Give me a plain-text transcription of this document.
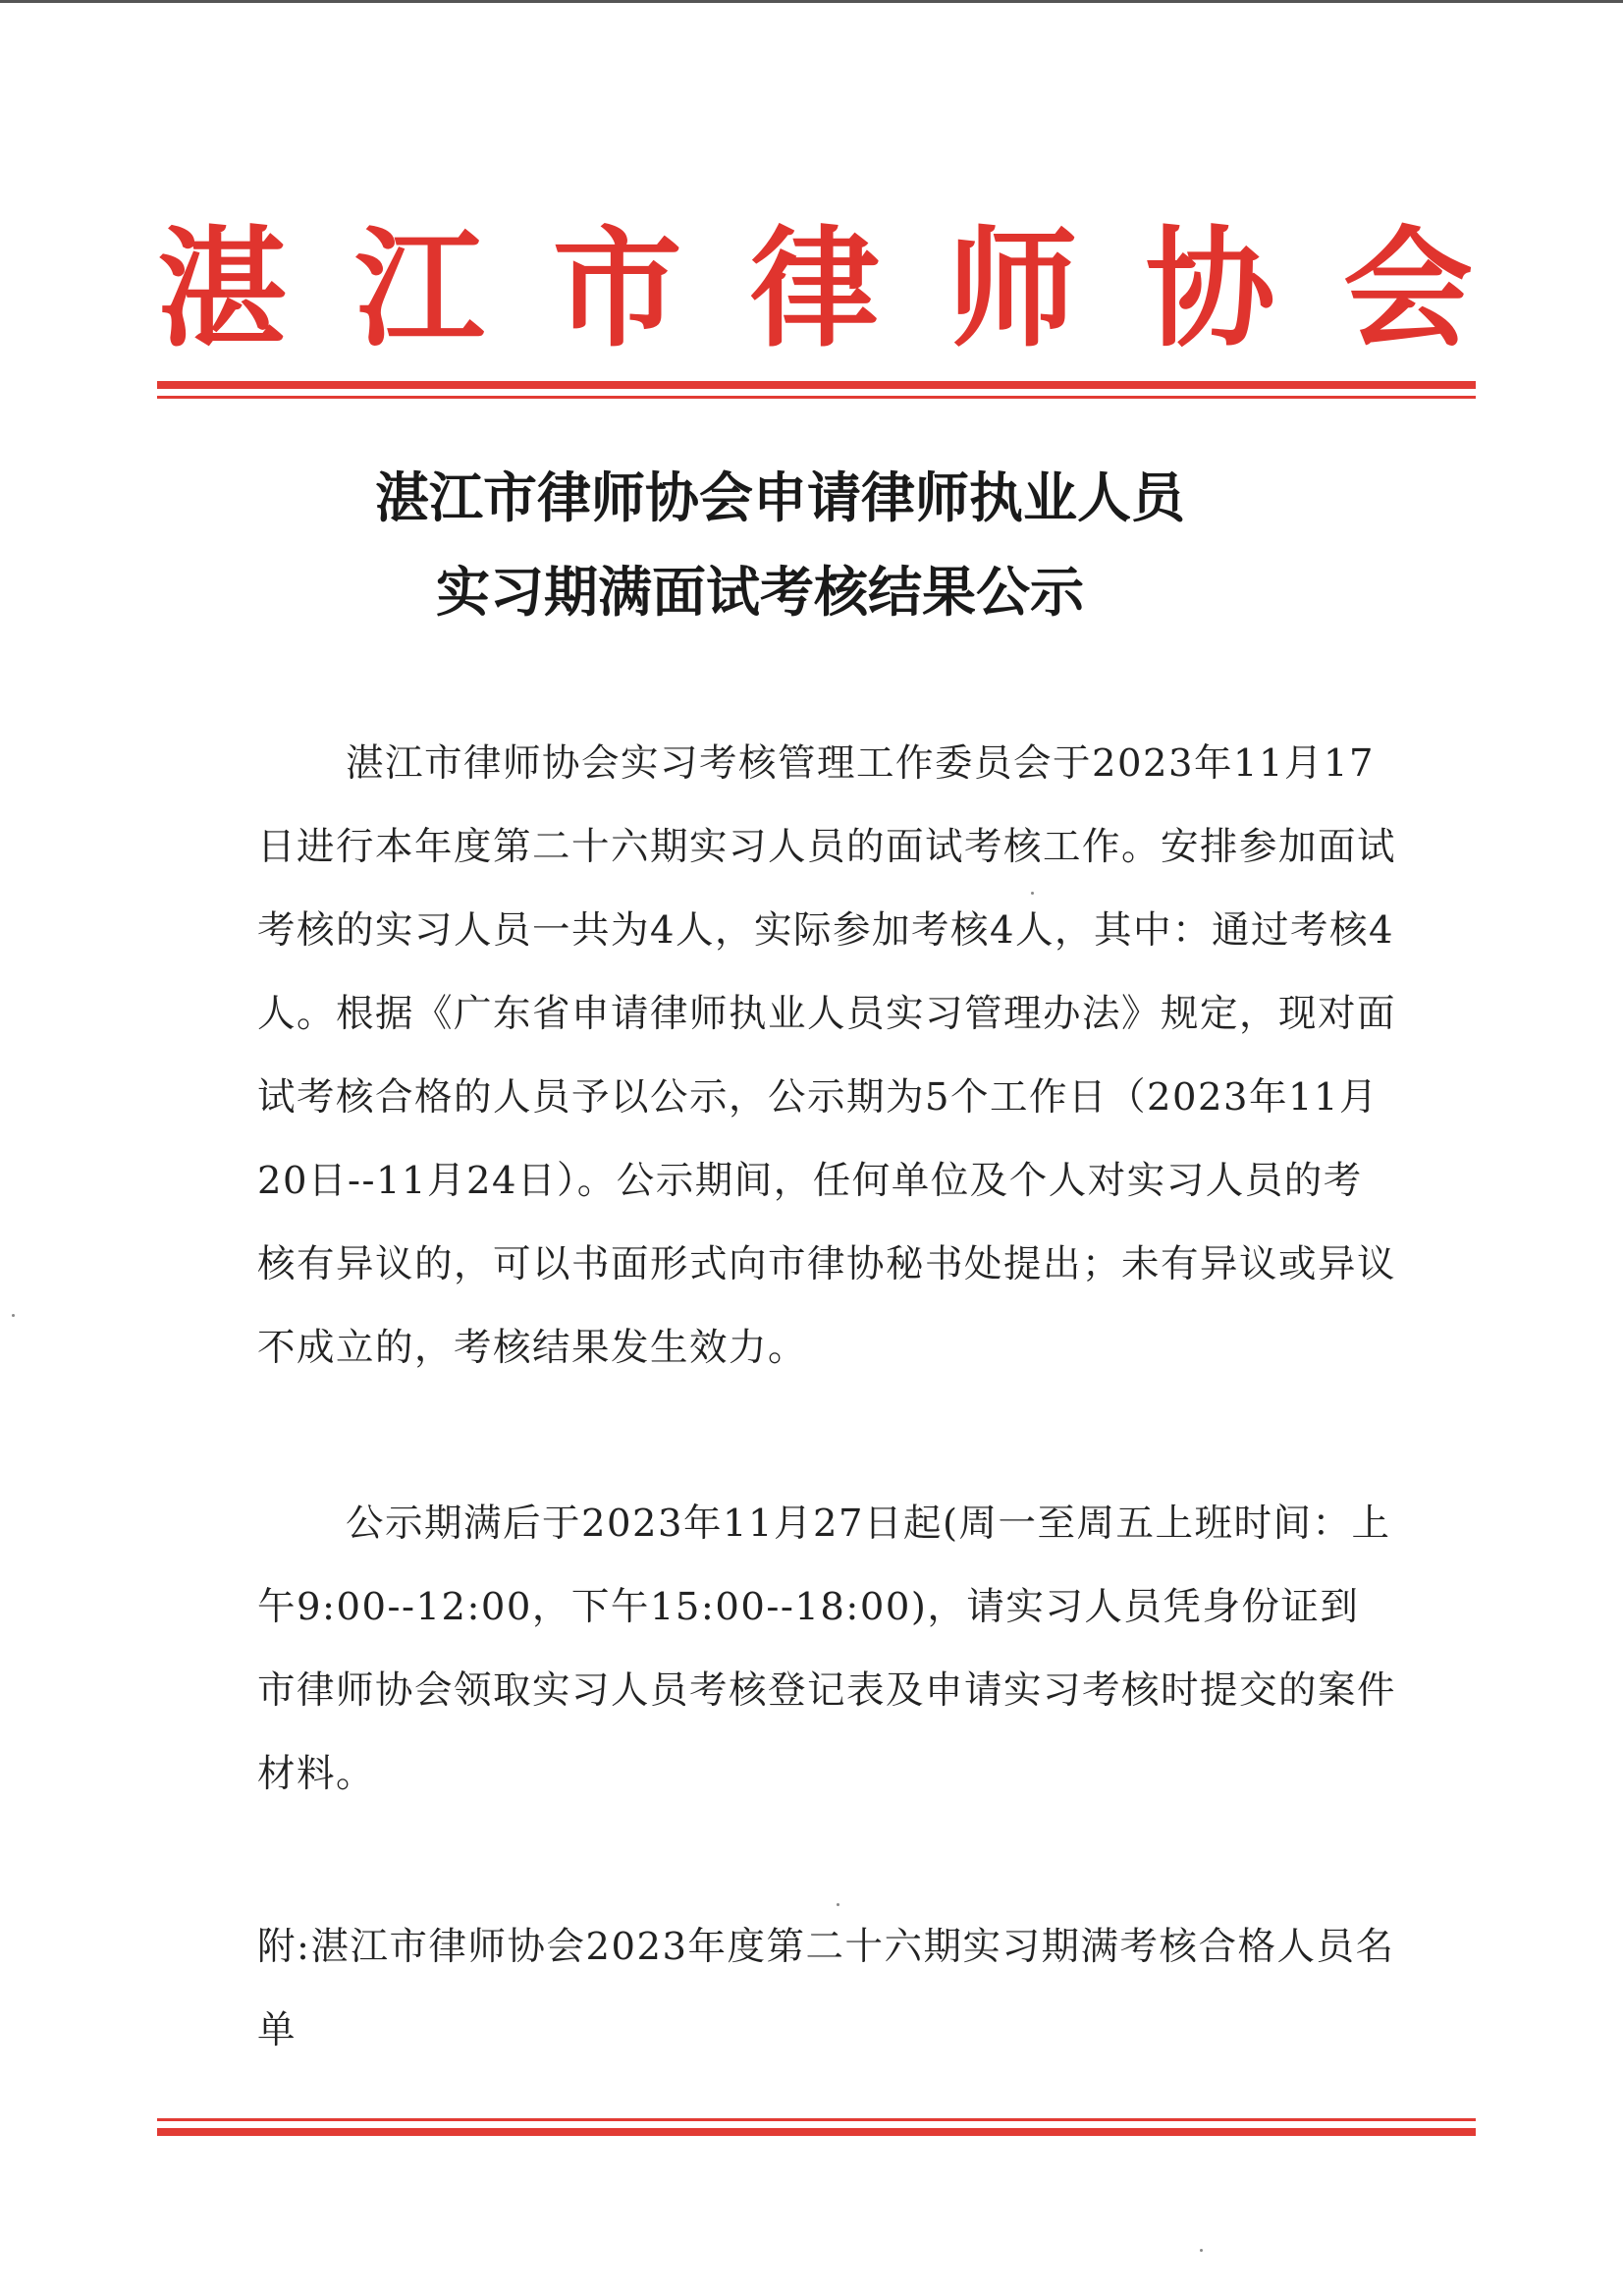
湛 江 市 律 师 协 会
湛江市律师协会申请律师执业人员
实习期满面试考核结果公示
湛江市律师协会实习考核管理工作委员会于2023年11月17日进行本年度第二十六期实习人员的面试考核工作。安排参加面试考核的实习人员一共为4人，实际参加考核4人，其中：通过考核4人。根据《广东省申请律师执业人员实习管理办法》规定，现对面试考核合格的人员予以公示，公示期为5个工作日（2023年11月20日--11月24日）。公示期间，任何单位及个人对实习人员的考核有异议的，可以书面形式向市律协秘书处提出；未有异议或异议不成立的，考核结果发生效力。
公示期满后于2023年11月27日起(周一至周五上班时间：上午9:00--12:00，下午15:00--18:00)，请实习人员凭身份证到市律师协会领取实习人员考核登记表及申请实习考核时提交的案件材料。
附:湛江市律师协会2023年度第二十六期实习期满考核合格人员名单
